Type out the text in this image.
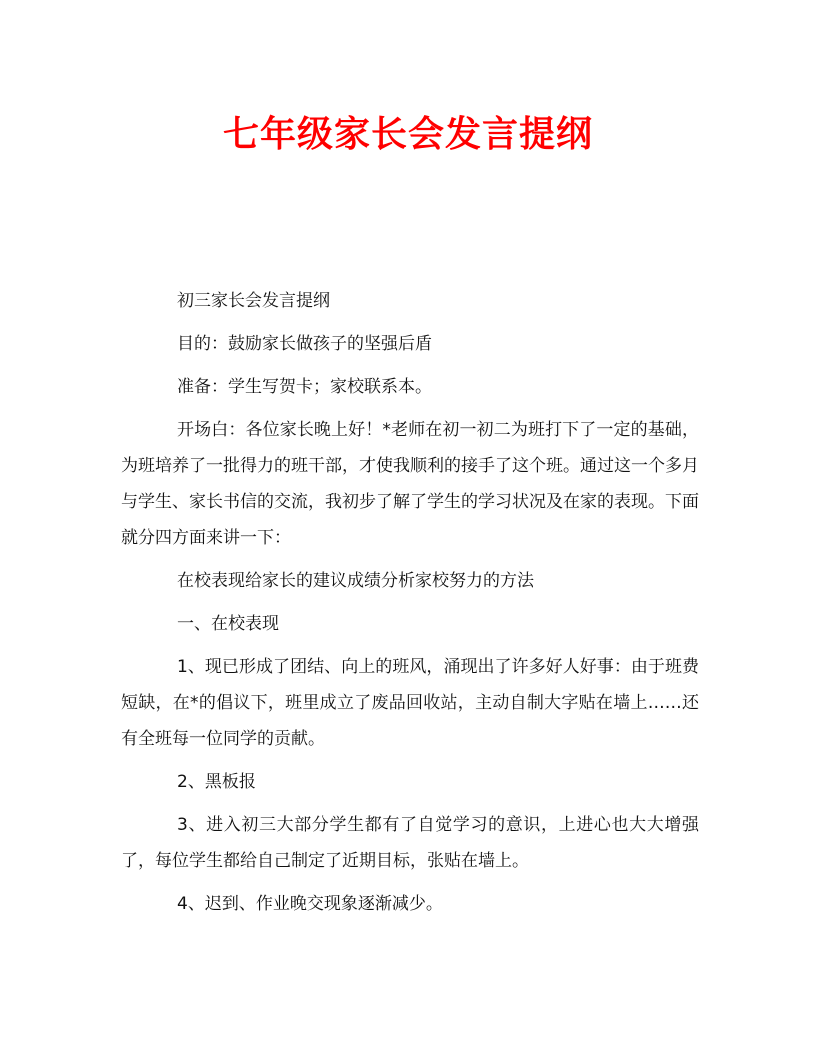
七年级家长会发言提纲

初三家长会发言提纲

目的：鼓励家长做孩子的坚强后盾

准备：学生写贺卡；家校联系本。

开场白：各位家长晚上好！*老师在初一初二为班打下了一定的基础，为班培养了一批得力的班干部，才使我顺利的接手了这个班。通过这一个多月与学生、家长书信的交流，我初步了解了学生的学习状况及在家的表现。下面就分四方面来讲一下：

在校表现给家长的建议成绩分析家校努力的方法

一、在校表现

1、现已形成了团结、向上的班风，涌现出了许多好人好事：由于班费短缺，在*的倡议下，班里成立了废品回收站，主动自制大字贴在墙上……还有全班每一位同学的贡献。

2、黑板报

3、进入初三大部分学生都有了自觉学习的意识，上进心也大大增强了，每位学生都给自己制定了近期目标，张贴在墙上。

4、迟到、作业晚交现象逐渐减少。
